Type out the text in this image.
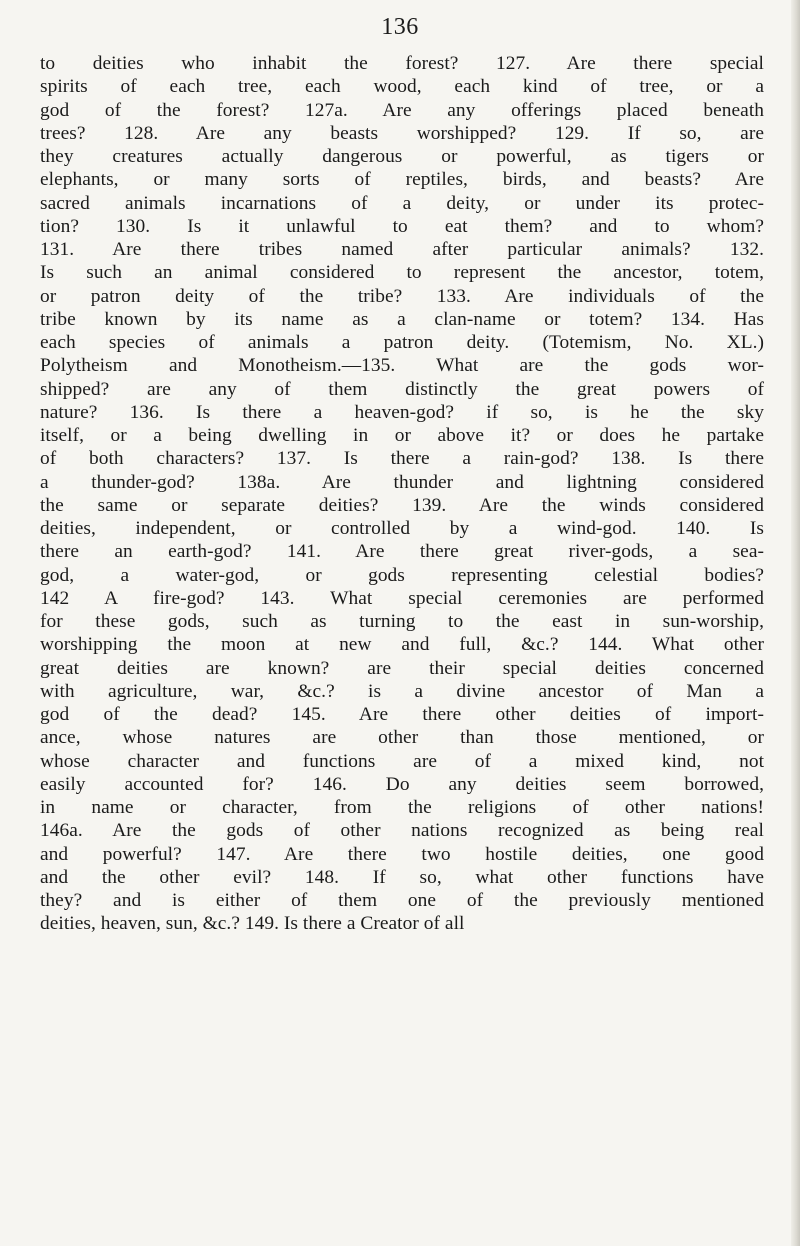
136
to deities who inhabit the forest? 127. Are there special
spirits of each tree, each wood, each kind of tree, or a
god of the forest? 127a. Are any offerings placed beneath
trees? 128. Are any beasts worshipped? 129. If so, are
they creatures actually dangerous or powerful, as tigers or
elephants, or many sorts of reptiles, birds, and beasts? Are
sacred animals incarnations of a deity, or under its protec-
tion? 130. Is it unlawful to eat them? and to whom?
131. Are there tribes named after particular animals? 132.
Is such an animal considered to represent the ancestor, totem,
or patron deity of the tribe? 133. Are individuals of the
tribe known by its name as a clan-name or totem? 134. Has
each species of animals a patron deity. (Totemism, No. XL.)
Polytheism and Monotheism.—135. What are the gods wor-
shipped? are any of them distinctly the great powers of
nature? 136. Is there a heaven-god? if so, is he the sky
itself, or a being dwelling in or above it? or does he partake
of both characters? 137. Is there a rain-god? 138. Is there
a thunder-god? 138a. Are thunder and lightning considered
the same or separate deities? 139. Are the winds considered
deities, independent, or controlled by a wind-god. 140. Is
there an earth-god? 141. Are there great river-gods, a sea-
god, a water-god, or gods representing celestial bodies?
142 A fire-god? 143. What special ceremonies are performed
for these gods, such as turning to the east in sun-worship,
worshipping the moon at new and full, &c.? 144. What other
great deities are known? are their special deities concerned
with agriculture, war, &c.? is a divine ancestor of Man a
god of the dead? 145. Are there other deities of import-
ance, whose natures are other than those mentioned, or
whose character and functions are of a mixed kind, not
easily accounted for? 146. Do any deities seem borrowed,
in name or character, from the religions of other nations!
146a. Are the gods of other nations recognized as being real
and powerful? 147. Are there two hostile deities, one good
and the other evil? 148. If so, what other functions have
they? and is either of them one of the previously mentioned
deities, heaven, sun, &c.? 149. Is there a Creator of all
